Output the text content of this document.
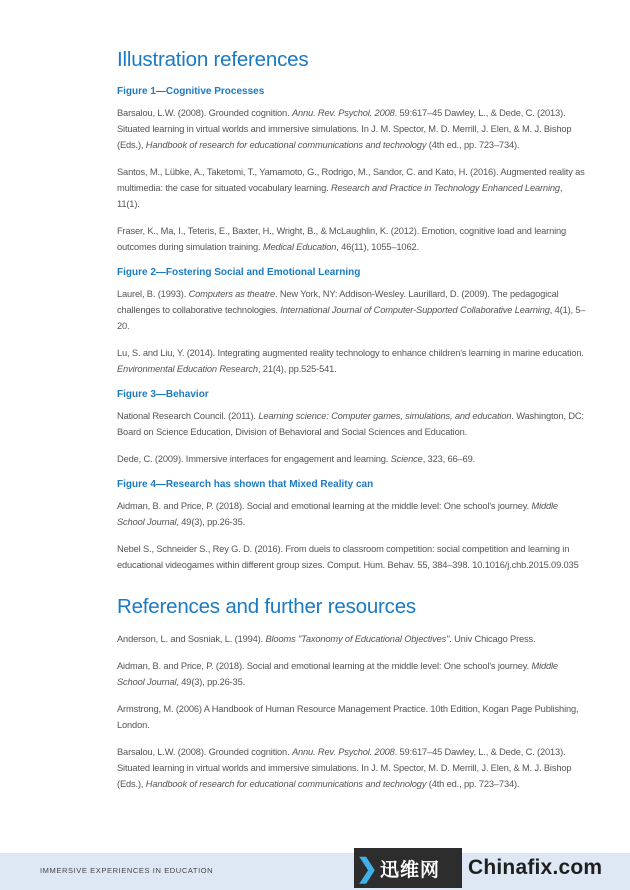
Illustration references
Figure 1—Cognitive Processes

Barsalou, L.W. (2008). Grounded cognition. Annu. Rev. Psychol. 2008. 59:617–45 Dawley, L., & Dede, C. (2013). Situated learning in virtual worlds and immersive simulations. In J. M. Spector, M. D. Merrill, J. Elen, & M. J. Bishop (Eds.), Handbook of research for educational communications and technology (4th ed., pp. 723–734).

Santos, M., Lübke, A., Taketomi, T., Yamamoto, G., Rodrigo, M., Sandor, C. and Kato, H. (2016). Augmented reality as multimedia: the case for situated vocabulary learning. Research and Practice in Technology Enhanced Learning, 11(1).

Fraser, K., Ma, I., Teteris, E., Baxter, H., Wright, B., & McLaughlin, K. (2012). Emotion, cognitive load and learning outcomes during simulation training. Medical Education, 46(11), 1055–1062.

Figure 2—Fostering Social and Emotional Learning

Laurel, B. (1993). Computers as theatre. New York, NY: Addison-Wesley. Laurillard, D. (2009). The pedagogical challenges to collaborative technologies. International Journal of Computer-Supported Collaborative Learning, 4(1), 5–20.

Lu, S. and Liu, Y. (2014). Integrating augmented reality technology to enhance children's learning in marine education. Environmental Education Research, 21(4), pp.525-541.

Figure 3—Behavior

National Research Council. (2011). Learning science: Computer games, simulations, and education. Washington, DC: Board on Science Education, Division of Behavioral and Social Sciences and Education.

Dede, C. (2009). Immersive interfaces for engagement and learning. Science, 323, 66–69.

Figure 4—Research has shown that Mixed Reality can

Aidman, B. and Price, P. (2018). Social and emotional learning at the middle level: One school's journey. Middle School Journal, 49(3), pp.26-35.

Nebel S., Schneider S., Rey G. D. (2016). From duels to classroom competition: social competition and learning in educational videogames within different group sizes. Comput. Hum. Behav. 55, 384–398. 10.1016/j.chb.2015.09.035

References and further resources

Anderson, L. and Sosniak, L. (1994). Blooms "Taxonomy of Educational Objectives". Univ Chicago Press.

Aidman, B. and Price, P. (2018). Social and emotional learning at the middle level: One school's journey. Middle School Journal, 49(3), pp.26-35.

Armstrong, M. (2006) A Handbook of Human Resource Management Practice. 10th Edition, Kogan Page Publishing, London.

Barsalou, L.W. (2008). Grounded cognition. Annu. Rev. Psychol. 2008. 59:617–45 Dawley, L., & Dede, C. (2013). Situated learning in virtual worlds and immersive simulations. In J. M. Spector, M. D. Merrill, J. Elen, & M. J. Bishop (Eds.), Handbook of research for educational communications and technology (4th ed., pp. 723–734).

IMMERSIVE EXPERIENCES IN EDUCATION	❯ 迅维网 Chinafix.com
